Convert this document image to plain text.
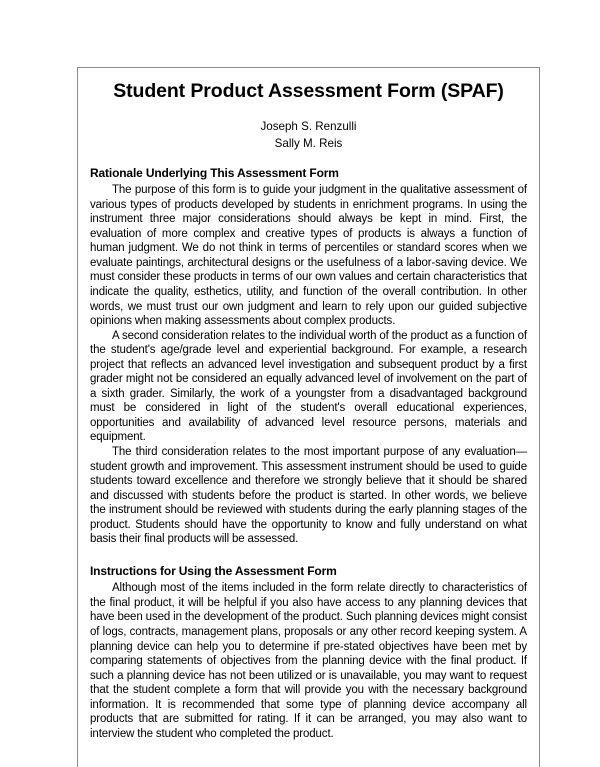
Student Product Assessment Form (SPAF)
Joseph S. Renzulli
Sally M. Reis
Rationale Underlying This Assessment Form

The purpose of this form is to guide your judgment in the qualitative assessment of various types of products developed by students in enrichment programs. In using the instrument three major considerations should always be kept in mind. First, the evaluation of more complex and creative types of products is always a function of human judgment. We do not think in terms of percentiles or standard scores when we evaluate paintings, architectural designs or the usefulness of a labor-saving device. We must consider these products in terms of our own values and certain characteristics that indicate the quality, esthetics, utility, and function of the overall contribution. In other words, we must trust our own judgment and learn to rely upon our guided subjective opinions when making assessments about complex products.

A second consideration relates to the individual worth of the product as a function of the student's age/grade level and experiential background. For example, a research project that reflects an advanced level investigation and subsequent product by a first grader might not be considered an equally advanced level of involvement on the part of a sixth grader. Similarly, the work of a youngster from a disadvantaged background must be considered in light of the student's overall educational experiences, opportunities and availability of advanced level resource persons, materials and equipment.

The third consideration relates to the most important purpose of any evaluation—student growth and improvement. This assessment instrument should be used to guide students toward excellence and therefore we strongly believe that it should be shared and discussed with students before the product is started. In other words, we believe the instrument should be reviewed with students during the early planning stages of the product. Students should have the opportunity to know and fully understand on what basis their final products will be assessed.

Instructions for Using the Assessment Form

Although most of the items included in the form relate directly to characteristics of the final product, it will be helpful if you also have access to any planning devices that have been used in the development of the product. Such planning devices might consist of logs, contracts, management plans, proposals or any other record keeping system. A planning device can help you to determine if pre-stated objectives have been met by comparing statements of objectives from the planning device with the final product. If such a planning device has not been utilized or is unavailable, you may want to request that the student complete a form that will provide you with the necessary background information. It is recommended that some type of planning device accompany all products that are submitted for rating. If it can be arranged, you may also want to interview the student who completed the product.
